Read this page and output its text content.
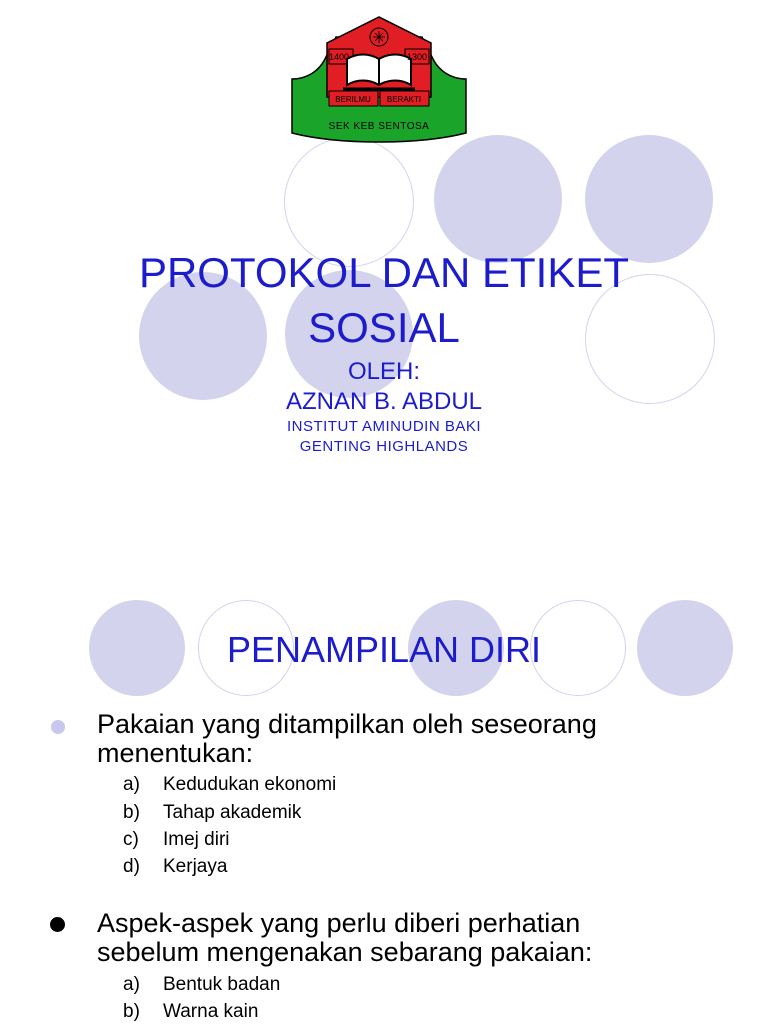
1400	1300
BERILMU BERAKTI
SEK KEB SENTOSA
PROTOKOL DAN ETIKET
SOSIAL
OLEH:
AZNAN B. ABDUL
INSTITUT AMINUDIN BAKI
GENTING HIGHLANDS
PENAMPILAN DIRI
Pakaian yang ditampilkan oleh seseorang
menentukan:
a) Kedudukan ekonomi
b) Tahap akademik
c) Imej diri
d) Kerjaya
Aspek-aspek yang perlu diberi perhatian
sebelum mengenakan sebarang pakaian:
a) Bentuk badan
b) Warna kain
